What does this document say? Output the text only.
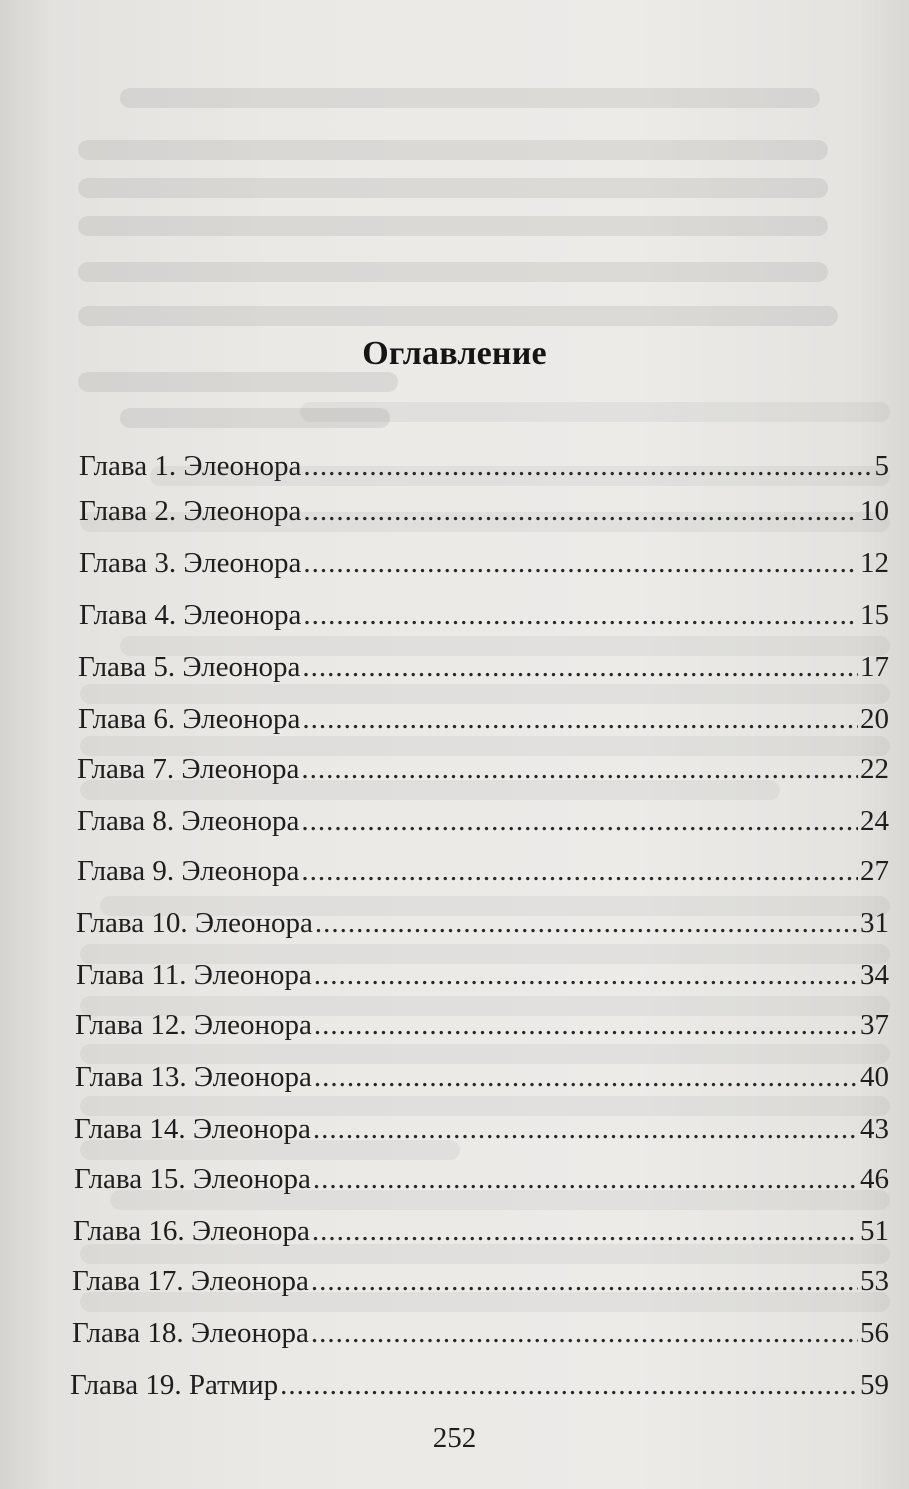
Оглавление
Глава 1. Элеонора .....	5
Глава 2. Элеонора .....	10
Глава 3. Элеонора .....	12
Глава 4. Элеонора .....	15
Глава 5. Элеонора .....	17
Глава 6. Элеонора .....	20
Глава 7. Элеонора .....	22
Глава 8. Элеонора .....	24
Глава 9. Элеонора .....	27
Глава 10. Элеонора .....	31
Глава 11. Элеонора .....	34
Глава 12. Элеонора .....	37
Глава 13. Элеонора .....	40
Глава 14. Элеонора .....	43
Глава 15. Элеонора .....	46
Глава 16. Элеонора .....	51
Глава 17. Элеонора .....	53
Глава 18. Элеонора .....	56
Глава 19. Ратмир .....	59
252
